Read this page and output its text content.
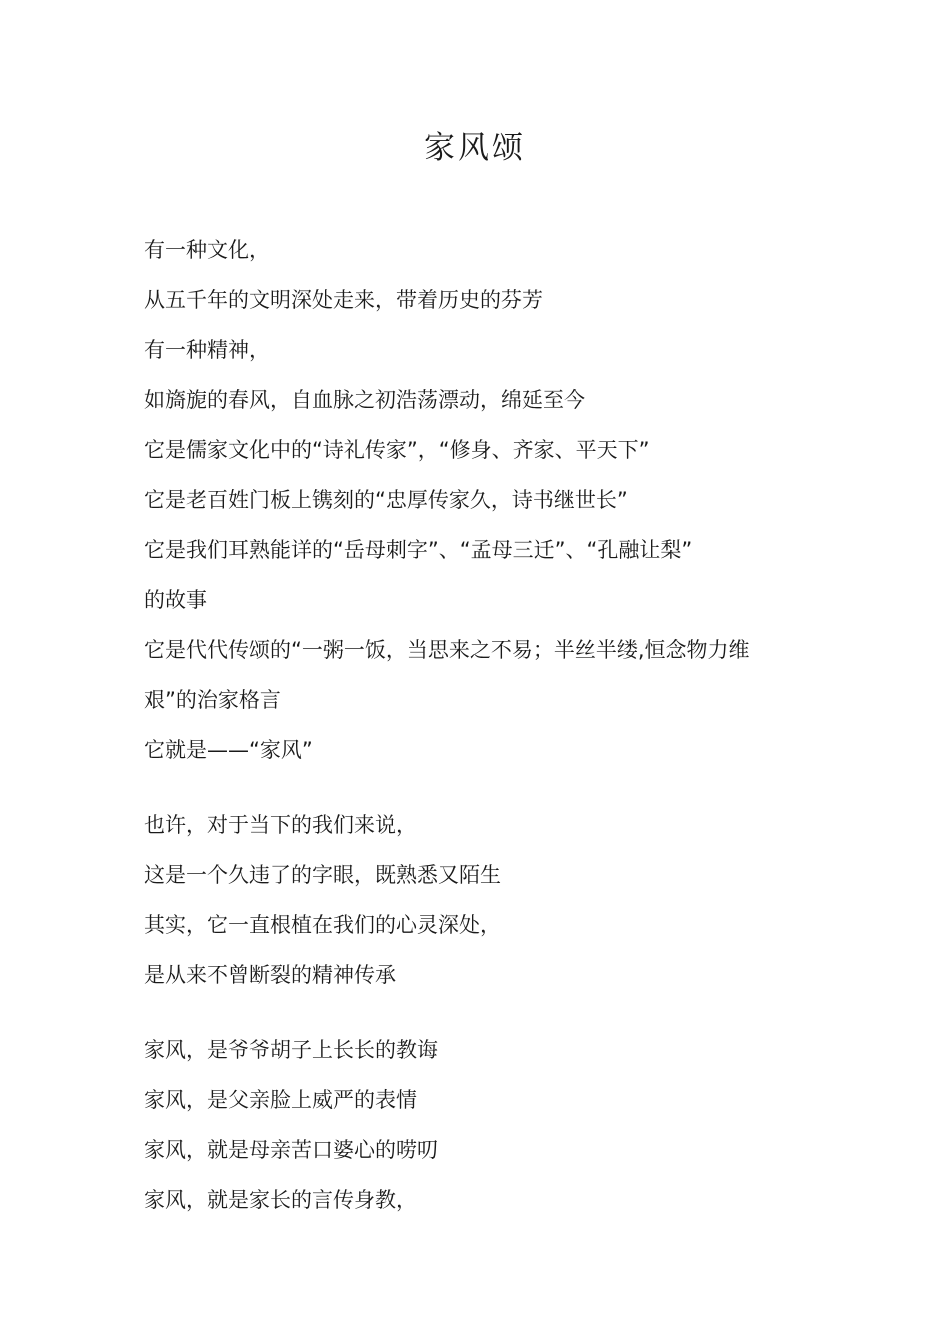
家风颂
有一种文化，
从五千年的文明深处走来，带着历史的芬芳
有一种精神，
如旖旎的春风，自血脉之初浩荡漂动，绵延至今
它是儒家文化中的“诗礼传家”，“修身、齐家、平天下”
它是老百姓门板上镌刻的“忠厚传家久，诗书继世长”
它是我们耳熟能详的“岳母刺字”、“孟母三迁”、“孔融让梨”
的故事
它是代代传颂的“一粥一饭，当思来之不易；半丝半缕,恒念物力维
艰”的治家格言
它就是——“家风”
也许，对于当下的我们来说，
这是一个久违了的字眼，既熟悉又陌生
其实，它一直根植在我们的心灵深处，
是从来不曾断裂的精神传承
家风，是爷爷胡子上长长的教诲
家风，是父亲脸上威严的表情
家风，就是母亲苦口婆心的唠叨
家风，就是家长的言传身教，
